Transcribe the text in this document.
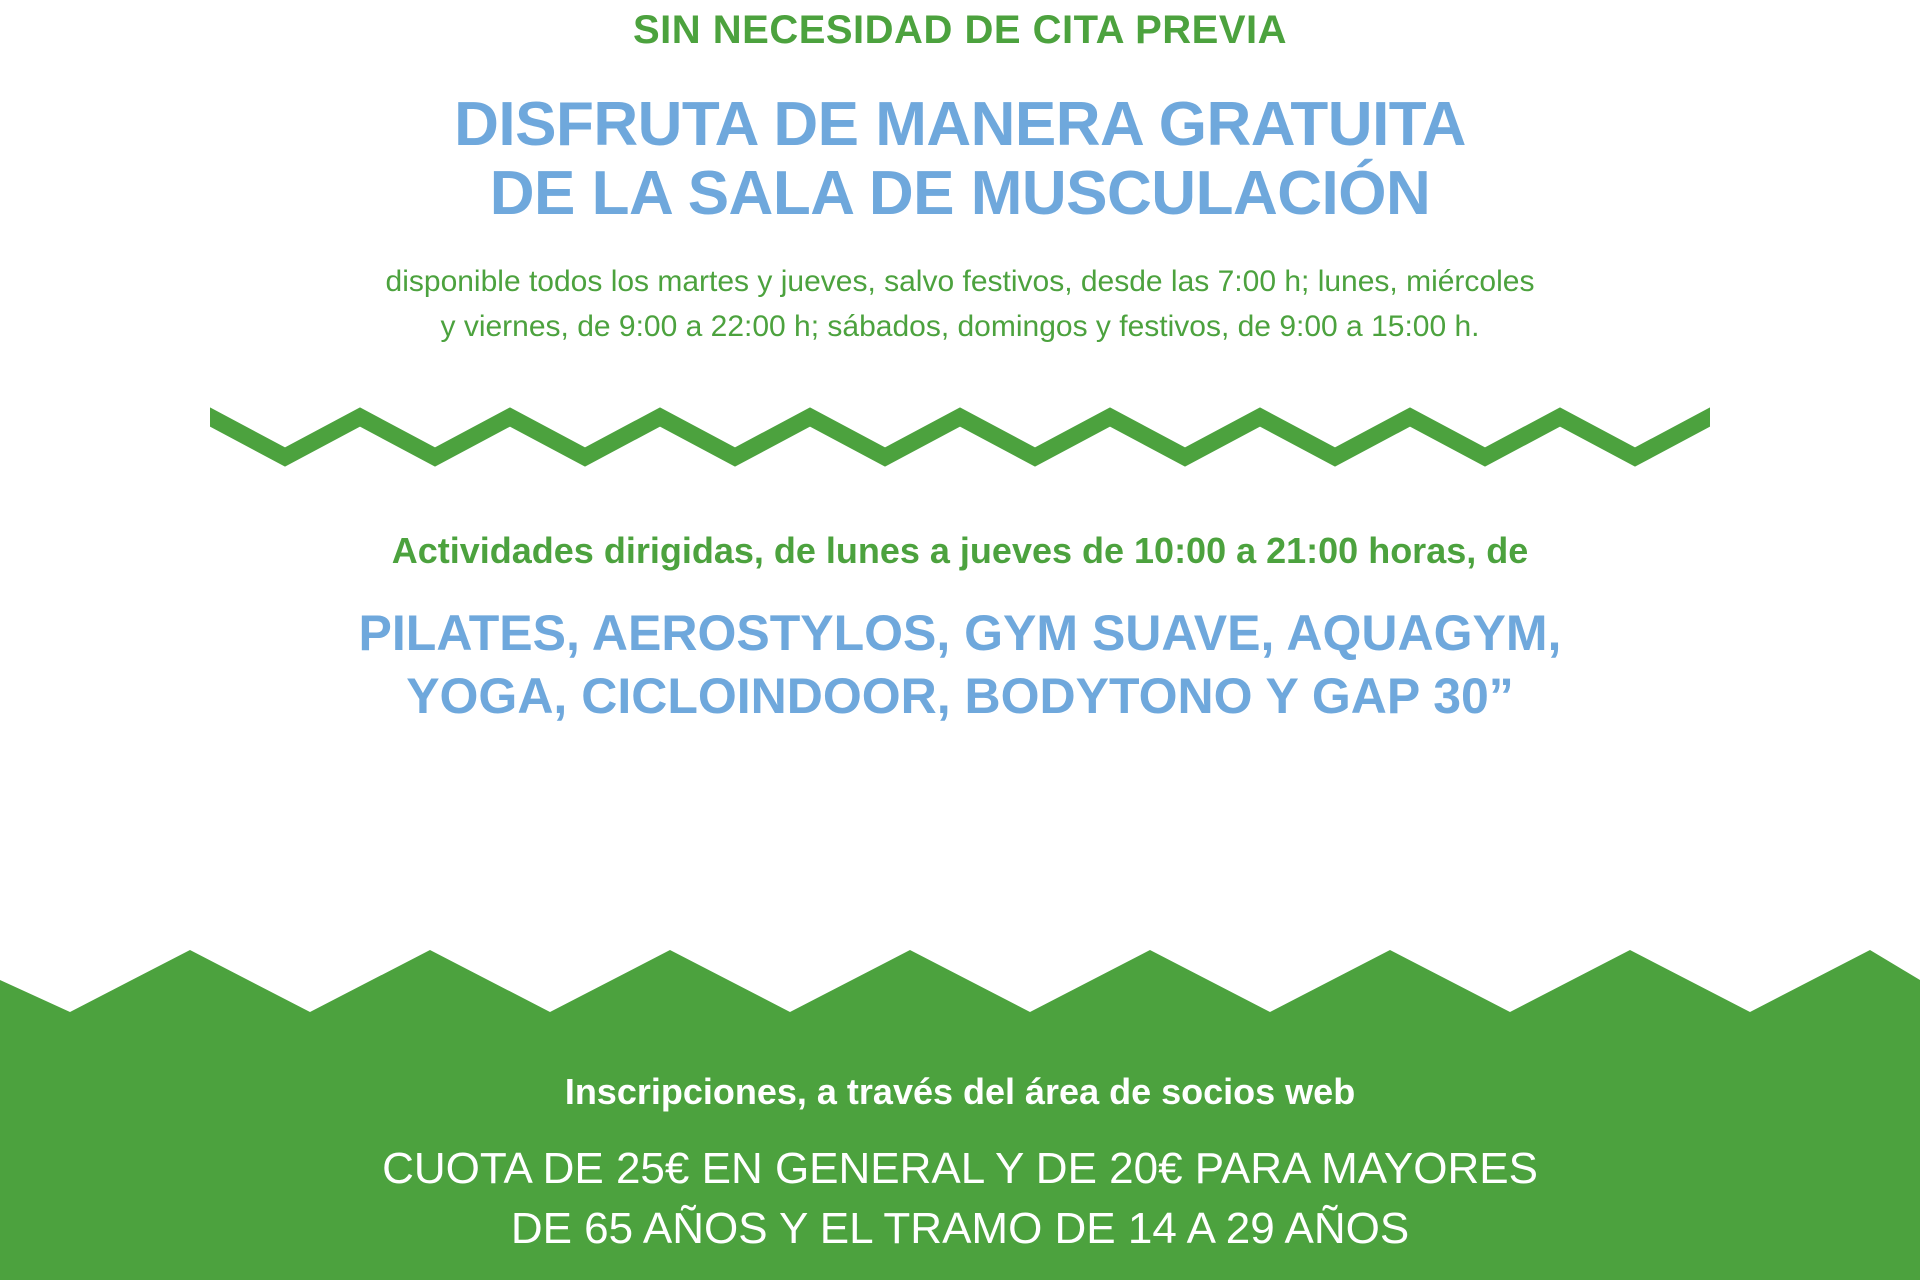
SIN NECESIDAD DE CITA PREVIA

DISFRUTA DE MANERA GRATUITA
DE LA SALA DE MUSCULACIÓN
disponible todos los martes y jueves, salvo festivos, desde las 7:00 h; lunes, miércoles
y viernes, de 9:00 a 22:00 h; sábados, domingos y festivos, de 9:00 a 15:00 h.

Actividades dirigidas, de lunes a jueves de 10:00 a 21:00 horas, de

PILATES, AEROSTYLOS, GYM SUAVE, AQUAGYM,
YOGA, CICLOINDOOR, BODYTONO Y GAP 30”

Inscripciones, a través del área de socios web

CUOTA DE 25€ EN GENERAL Y DE 20€ PARA MAYORES
DE 65 AÑOS Y EL TRAMO DE 14 A 29 AÑOS
